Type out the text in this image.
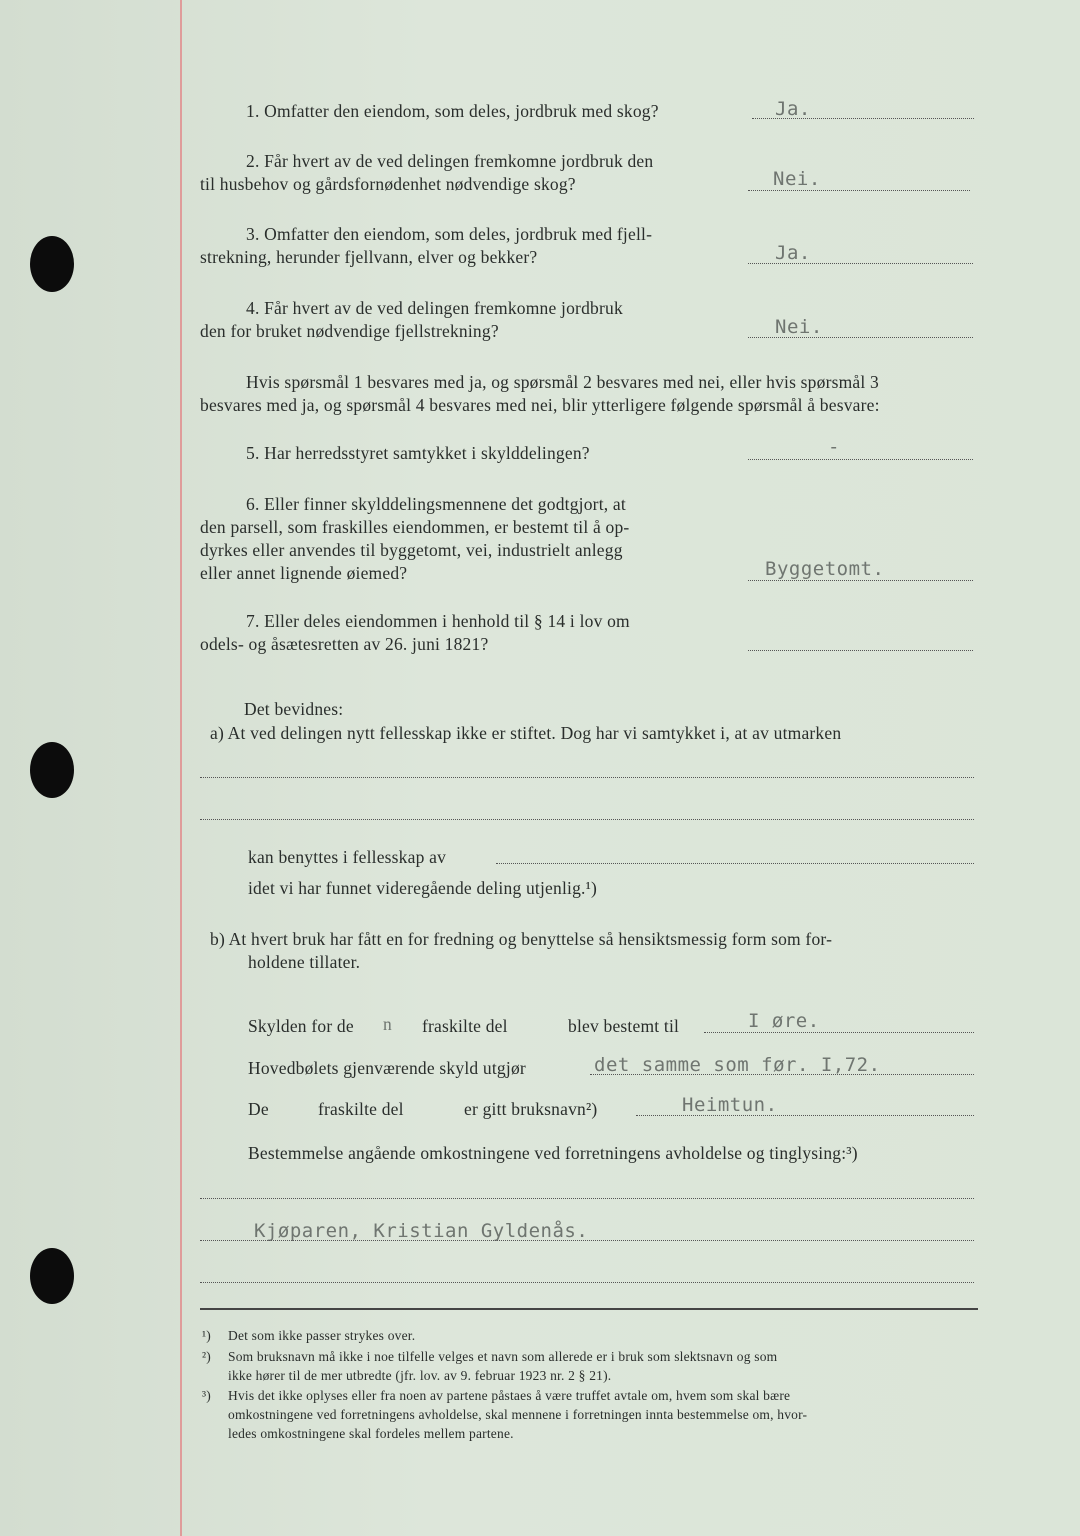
1. Omfatter den eiendom, som deles, jordbruk med skog?	Ja.
2. Får hvert av de ved delingen fremkomne jordbruk den
til husbehov og gårdsfornødenhet nødvendige skog?	Nei.
3. Omfatter den eiendom, som deles, jordbruk med fjell-
strekning, herunder fjellvann, elver og bekker?	Ja.
4. Får hvert av de ved delingen fremkomne jordbruk
den for bruket nødvendige fjellstrekning?	Nei.
Hvis spørsmål 1 besvares med ja, og spørsmål 2 besvares med nei, eller hvis spørsmål 3
besvares med ja, og spørsmål 4 besvares med nei, blir ytterligere følgende spørsmål å besvare:
5. Har herredsstyret samtykket i skylddelingen?	-
6. Eller finner skylddelingsmennene det godtgjort, at
den parsell, som fraskilles eiendommen, er bestemt til å op-
dyrkes eller anvendes til byggetomt, vei, industrielt anlegg
eller annet lignende øiemed?	Byggetomt.
7. Eller deles eiendommen i henhold til § 14 i lov om
odels- og åsætesretten av 26. juni 1821?
Det bevidnes:
a) At ved delingen nytt fellesskap ikke er stiftet. Dog har vi samtykket i, at av utmarken
kan benyttes i fellesskap av
idet vi har funnet videregående deling utjenlig.¹)
b) At hvert bruk har fått en for fredning og benyttelse så hensiktsmessig form som for-
holdene tillater.
Skylden for de n fraskilte del	blev bestemt til	I øre.
Hovedbølets gjenværende skyld utgjør	det samme som før. I,72.
De	fraskilte del	er gitt bruksnavn²)	Heimtun.
Bestemmelse angående omkostningene ved forretningens avholdelse og tinglysing:³)
Kjøparen, Kristian Gyldenås.
¹) Det som ikke passer strykes over.
²) Som bruksnavn må ikke i noe tilfelle velges et navn som allerede er i bruk som slektsnavn og som
ikke hører til de mer utbredte (jfr. lov. av 9. februar 1923 nr. 2 § 21).
³) Hvis det ikke oplyses eller fra noen av partene påstaes å være truffet avtale om, hvem som skal bære
omkostningene ved forretningens avholdelse, skal mennene i forretningen innta bestemmelse om, hvor-
ledes omkostningene skal fordeles mellem partene.
